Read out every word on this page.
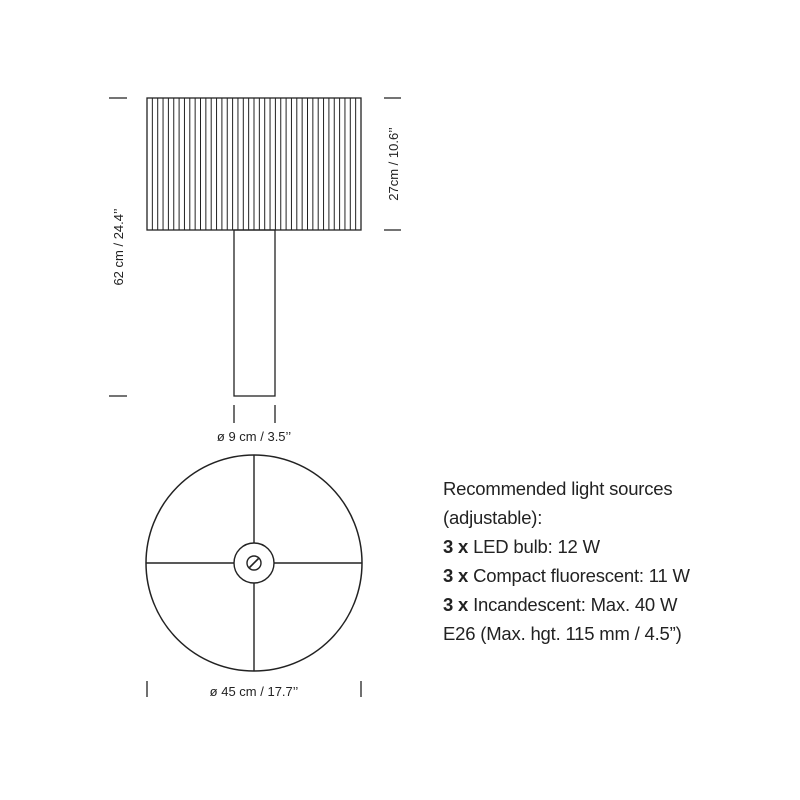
62 cm / 24.4’’
27cm / 10.6’’
ø 9 cm / 3.5’’
ø 45 cm / 17.7’’
Recommended light sources
(adjustable):
3 x LED bulb: 12 W
3 x Compact fluorescent: 11 W
3 x Incandescent: Max. 40 W
E26 (Max. hgt. 115 mm / 4.5”)
